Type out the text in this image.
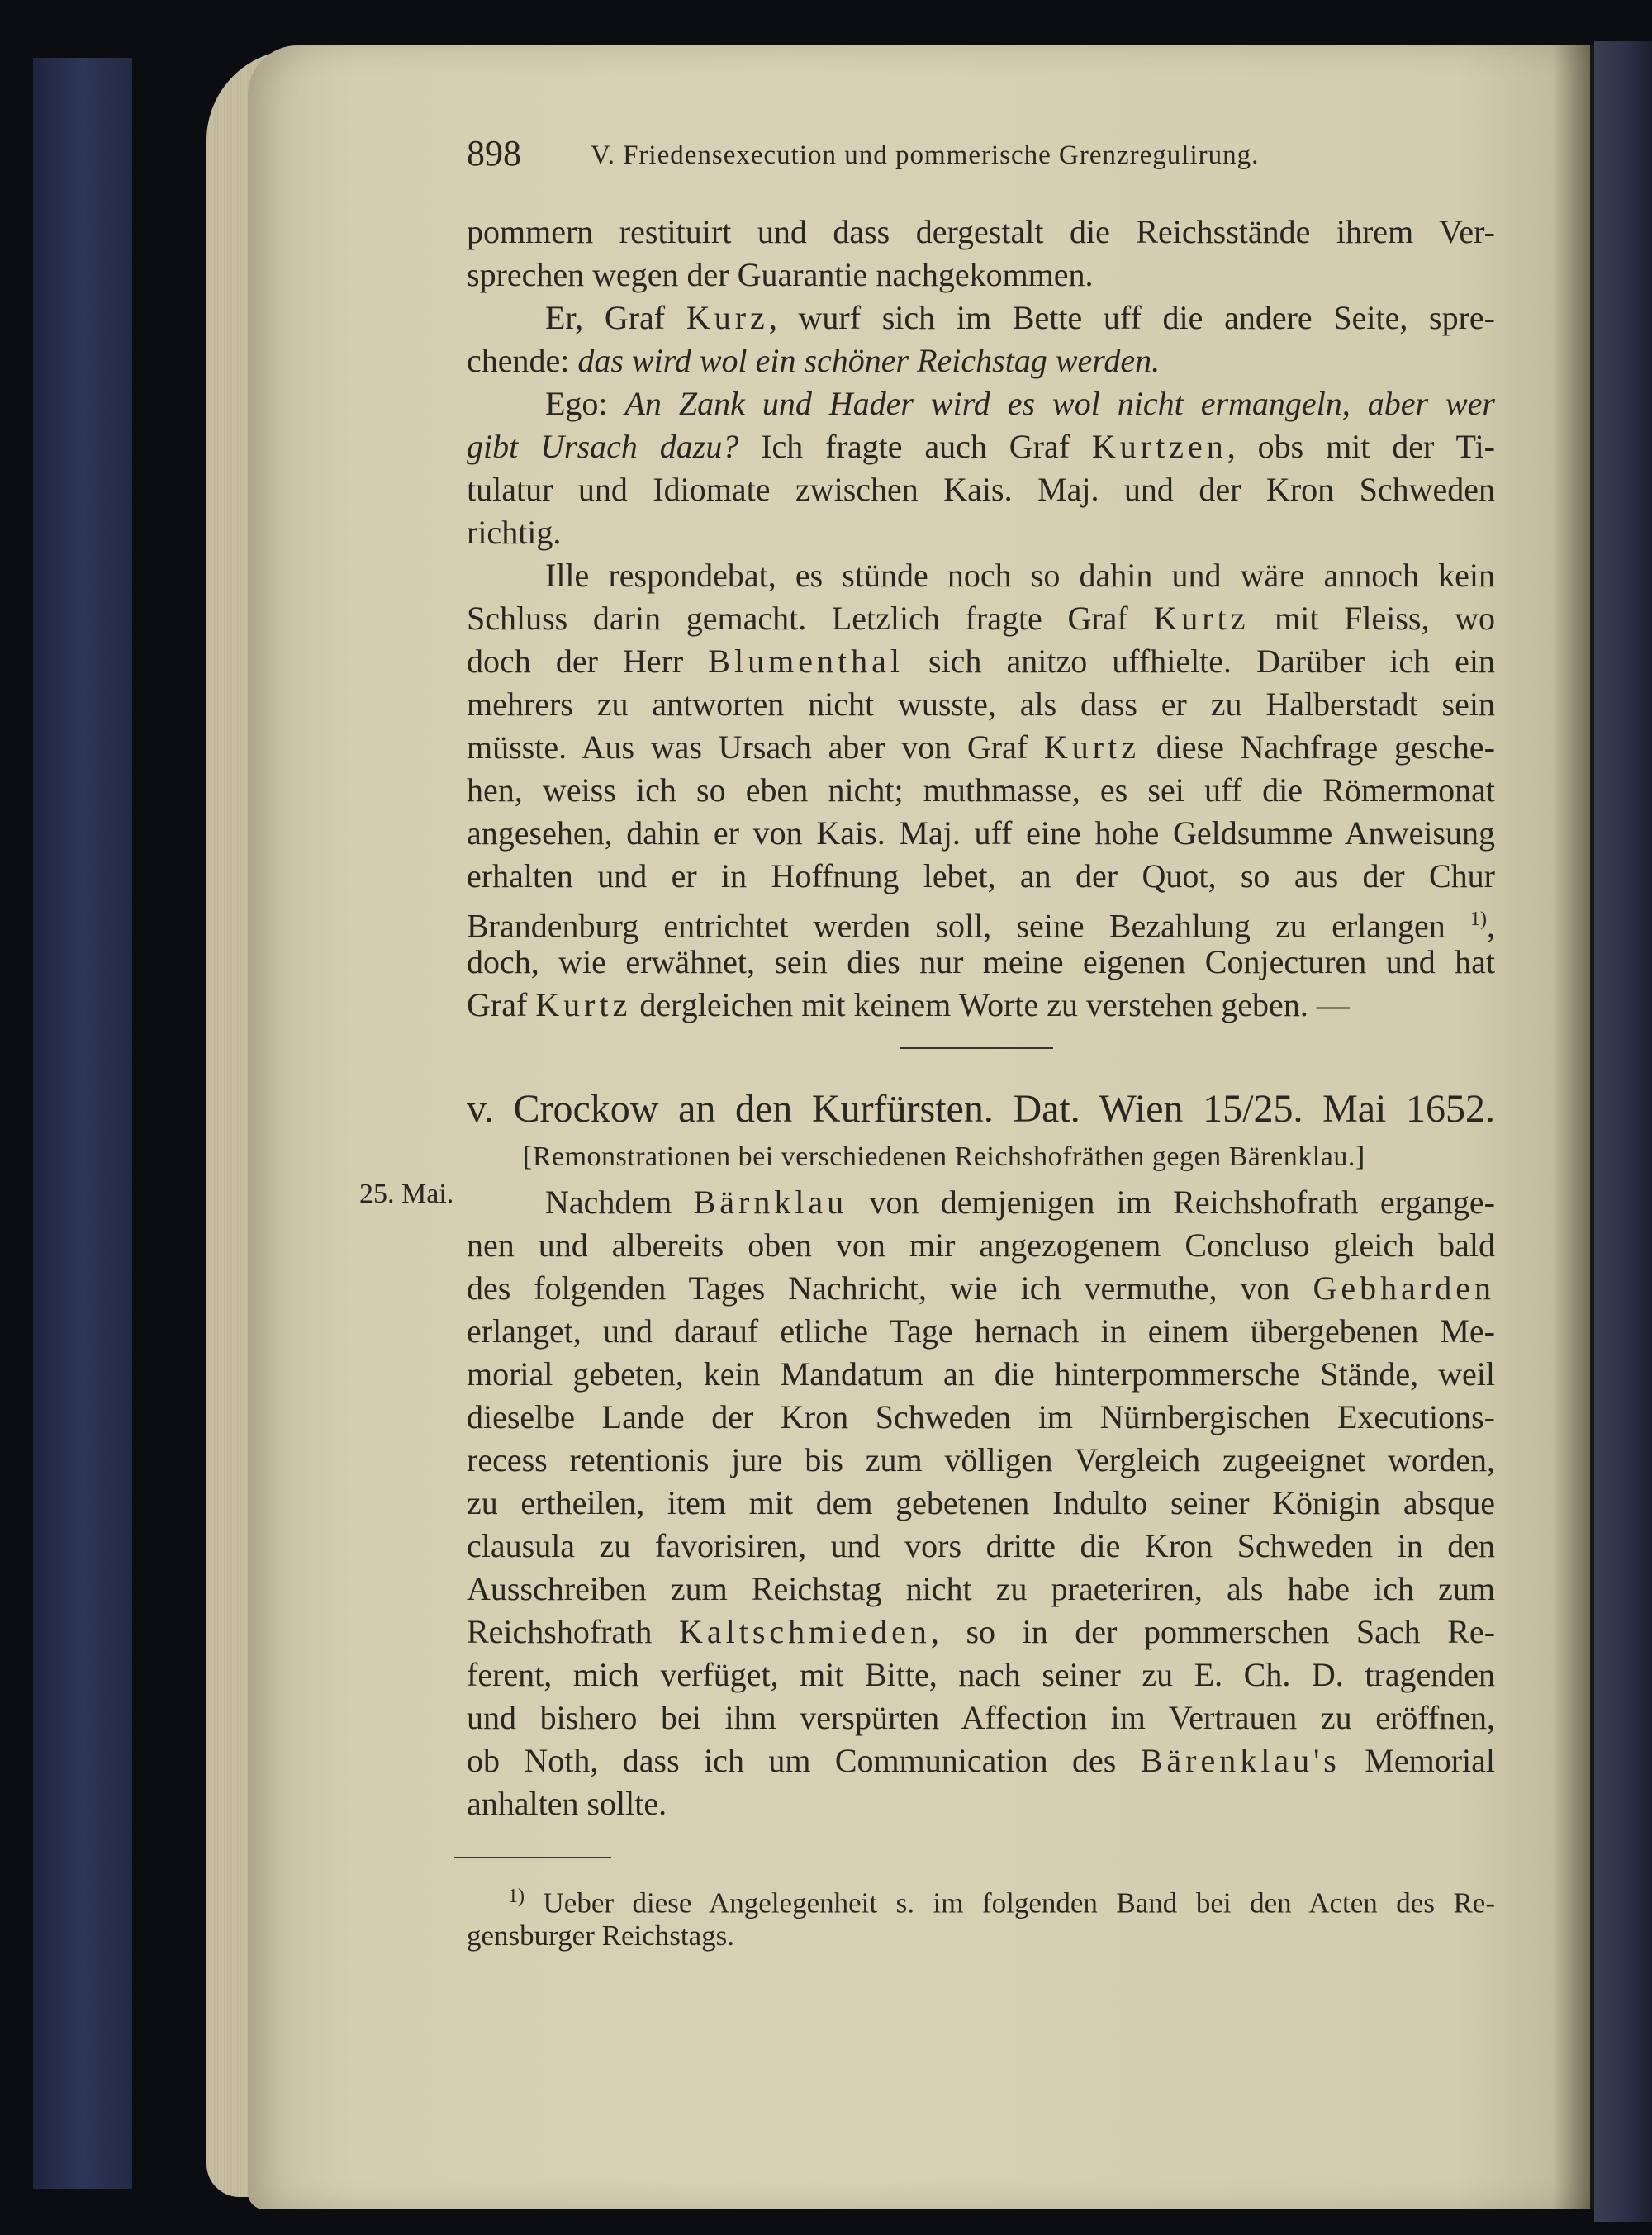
898	V. Friedensexecution und pommerische Grenzregulirung.
pommern restituirt und dass dergestalt die Reichsstände ihrem Ver-
sprechen wegen der Guarantie nachgekommen.
Er, Graf Kurz, wurf sich im Bette uff die andere Seite, spre-
chende: das wird wol ein schöner Reichstag werden.
Ego: An Zank und Hader wird es wol nicht ermangeln, aber wer
gibt Ursach dazu? Ich fragte auch Graf Kurtzen, obs mit der Ti-
tulatur und Idiomate zwischen Kais. Maj. und der Kron Schweden
richtig.
Ille respondebat, es stünde noch so dahin und wäre annoch kein
Schluss darin gemacht. Letzlich fragte Graf Kurtz mit Fleiss, wo
doch der Herr Blumenthal sich anitzo uffhielte. Darüber ich ein
mehrers zu antworten nicht wusste, als dass er zu Halberstadt sein
müsste. Aus was Ursach aber von Graf Kurtz diese Nachfrage gesche-
hen, weiss ich so eben nicht; muthmasse, es sei uff die Römermonat
angesehen, dahin er von Kais. Maj. uff eine hohe Geldsumme Anweisung
erhalten und er in Hoffnung lebet, an der Quot, so aus der Chur
Brandenburg entrichtet werden soll, seine Bezahlung zu erlangen $^{1)}$,
doch, wie erwähnet, sein dies nur meine eigenen Conjecturen und hat
Graf Kurtz dergleichen mit keinem Worte zu verstehen geben. —
v. Crockow an den Kurfürsten. Dat. Wien 15/25. Mai 1652.
[Remonstrationen bei verschiedenen Reichshofräthen gegen Bärenklau.]
25. Mai.	Nachdem Bärnklau von demjenigen im Reichshofrath ergange-
nen und albereits oben von mir angezogenem Concluso gleich bald
des folgenden Tages Nachricht, wie ich vermuthe, von Gebharden
erlanget, und darauf etliche Tage hernach in einem übergebenen Me-
morial gebeten, kein Mandatum an die hinterpommersche Stände, weil
dieselbe Lande der Kron Schweden im Nürnbergischen Executions-
recess retentionis jure bis zum völligen Vergleich zugeeignet worden,
zu ertheilen, item mit dem gebetenen Indulto seiner Königin absque
clausula zu favorisiren, und vors dritte die Kron Schweden in den
Ausschreiben zum Reichstag nicht zu praeteriren, als habe ich zum
Reichshofrath Kaltschmieden, so in der pommerschen Sach Re-
ferent, mich verfüget, mit Bitte, nach seiner zu E. Ch. D. tragenden
und bishero bei ihm verspürten Affection im Vertrauen zu eröffnen,
ob Noth, dass ich um Communication des Bärenklau's Memorial
anhalten sollte.
$^{1)}$ Ueber diese Angelegenheit s. im folgenden Band bei den Acten des Re-
gensburger Reichstags.
